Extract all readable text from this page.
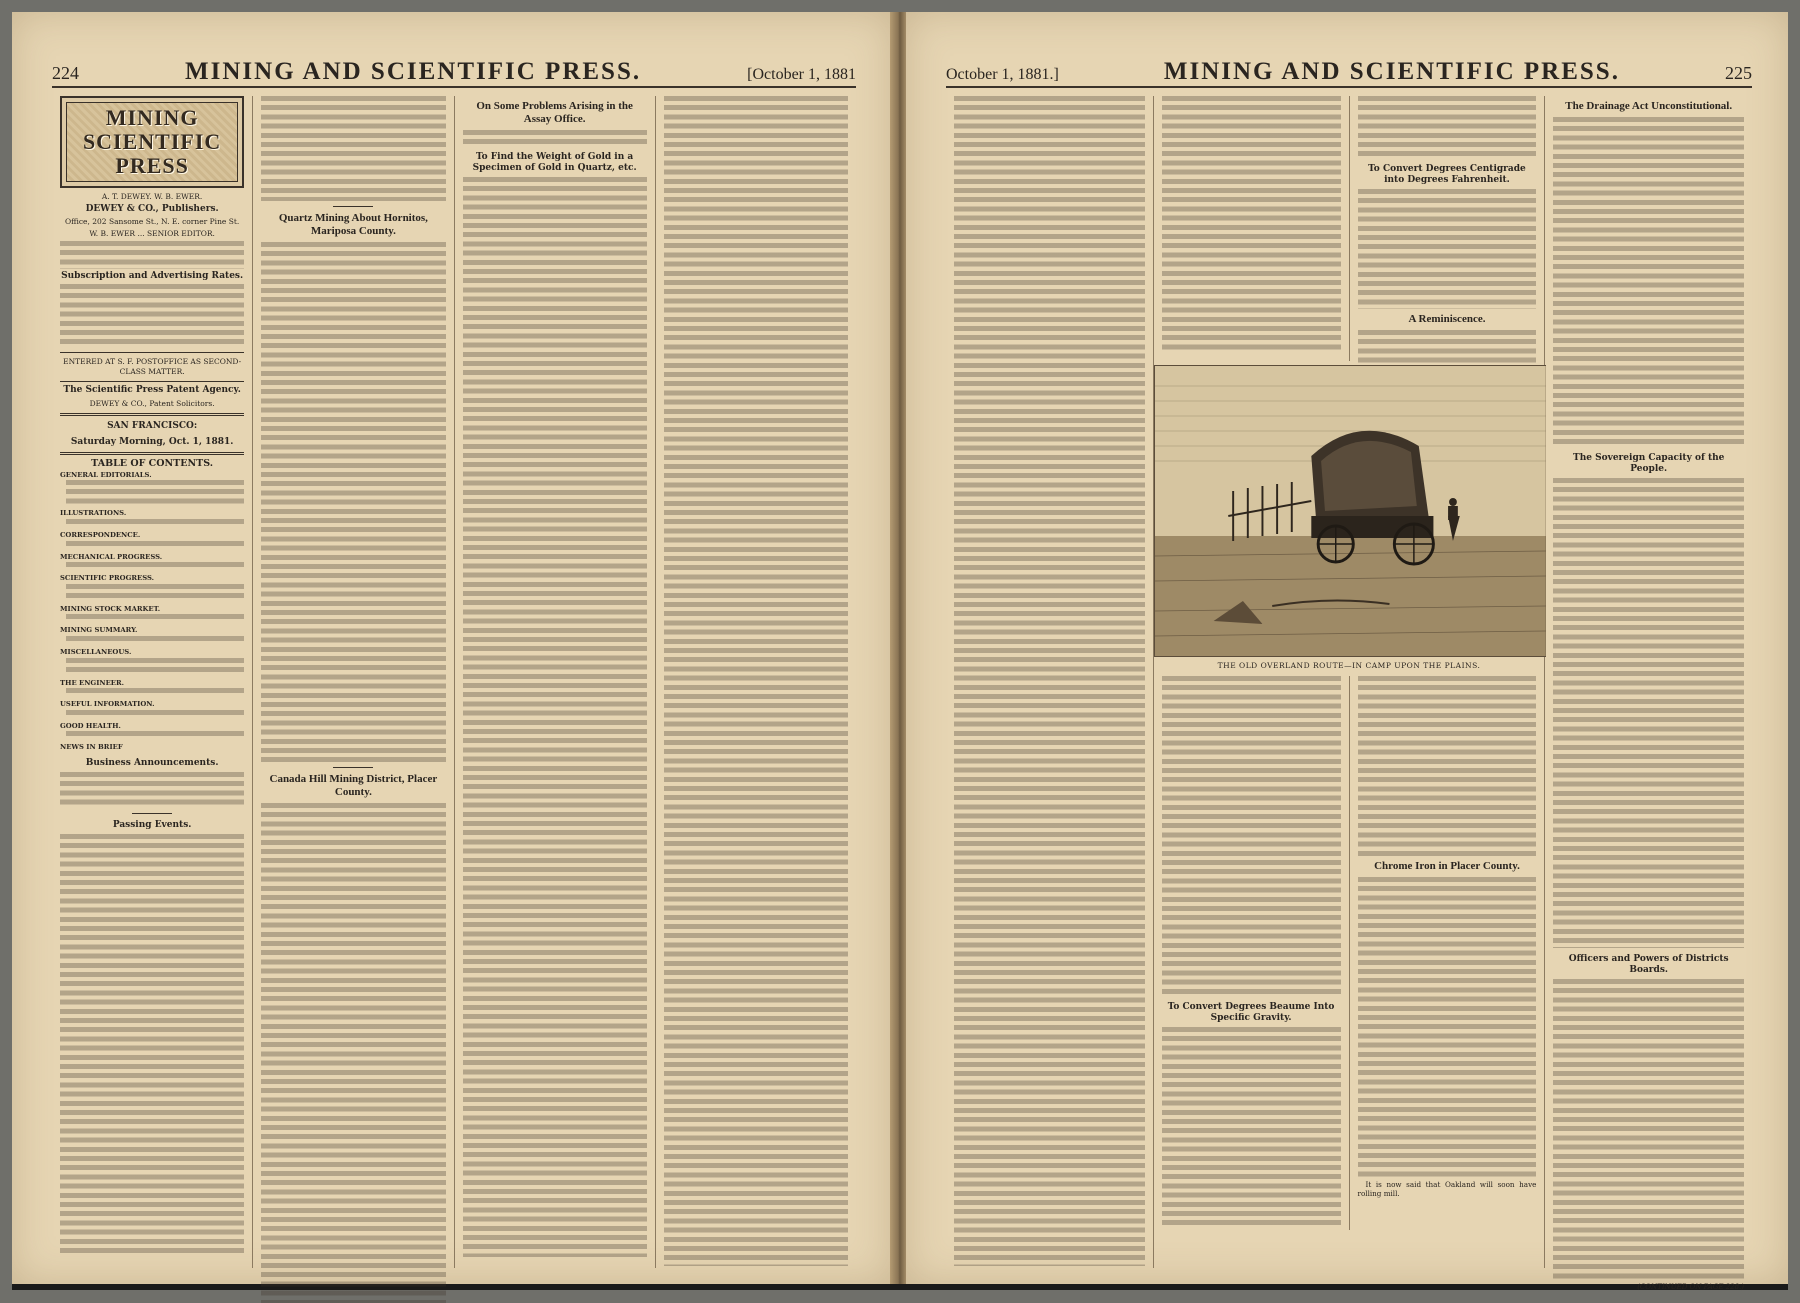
224	MINING AND SCIENTIFIC PRESS.	[October 1, 1881
MINING SCIENTIFIC PRESS
A. T. DEWEY. W. B. EWER.
DEWEY & CO., Publishers.
Office, 202 Sansome St., N. E. corner Pine St.
W. B. EWER ... SENIOR EDITOR.
Subscription and Advertising Rates.
ENTERED AT S. F. POSTOFFICE AS SECOND-CLASS MATTER.
The Scientific Press Patent Agency.
DEWEY & CO., Patent Solicitors.
SAN FRANCISCO:
Saturday Morning, Oct. 1, 1881.
TABLE OF CONTENTS.
GENERAL EDITORIALS.
ILLUSTRATIONS.
CORRESPONDENCE.
MECHANICAL PROGRESS.
SCIENTIFIC PROGRESS.
MINING STOCK MARKET.
MINING SUMMARY.
MISCELLANEOUS.
THE ENGINEER.
USEFUL INFORMATION.
GOOD HEALTH.
NEWS IN BRIEF
Business Announcements.
Passing Events.
Quartz Mining About Hornitos, Mariposa County.
Canada Hill Mining District, Placer County.
On Some Problems Arising in the Assay Office.
To Find the Weight of Gold in a Specimen of Gold in Quartz, etc.
October 1, 1881.]	MINING AND SCIENTIFIC PRESS.	225
To Convert Degrees Centigrade into Degrees Fahrenheit.
A Reminiscence.
THE OLD OVERLAND ROUTE—IN CAMP UPON THE PLAINS.
To Convert Degrees Beaume Into Specific Gravity.
Chrome Iron in Placer County.

It is now said that Oakland will soon have rolling mill.

The Drainage Act Unconstitutional.
The Sovereign Capacity of the People.
Officers and Powers of Districts Boards.
(CONTINUED ON PAGE 228.)
